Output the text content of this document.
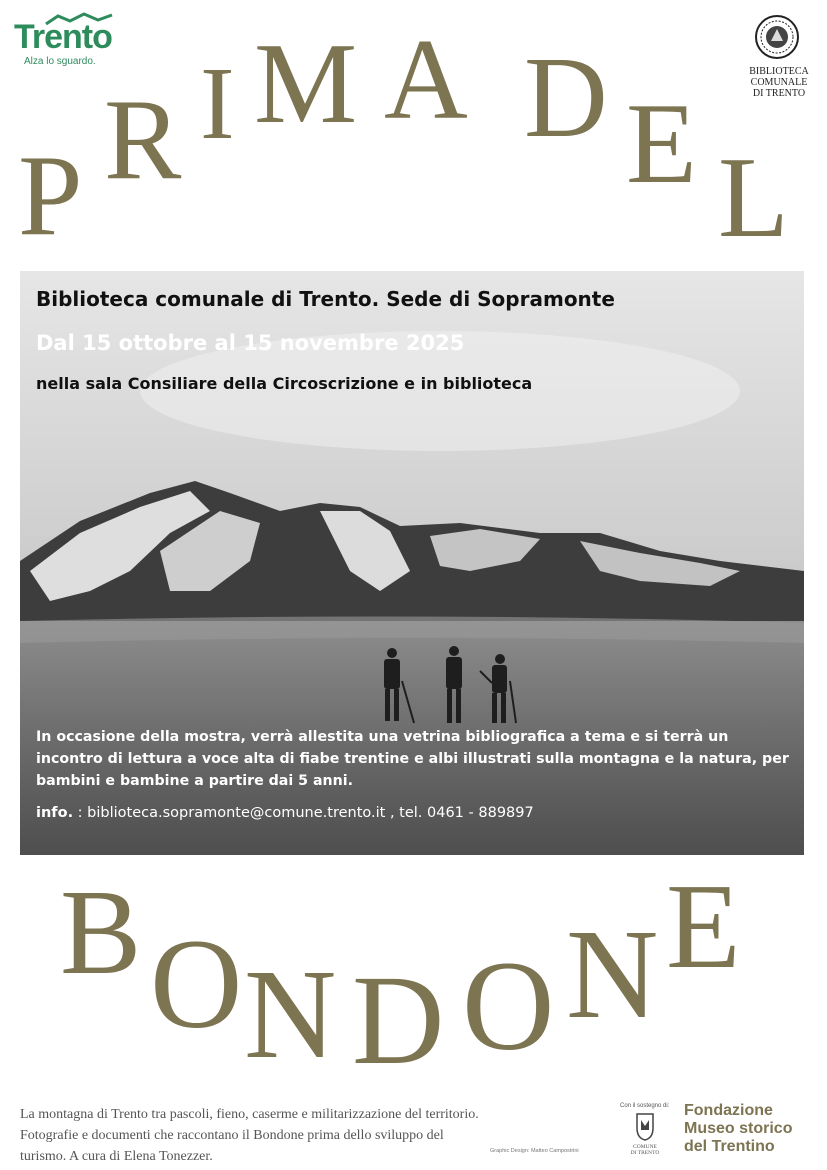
Trento
Alza lo sguardo.
BIBLIOTECA
COMUNALE
DI TRENTO
P R I M A D E L
Biblioteca comunale di Trento. Sede di Sopramonte
Dal 15 ottobre al 15 novembre 2025
nella sala Consiliare della Circoscrizione e in biblioteca
In occasione della mostra, verrà allestita una vetrina bibliografica a tema e si terrà un incontro di lettura a voce alta di fiabe trentine e albi illustrati sulla montagna e la natura, per bambini e bambine a partire dai 5 anni.
info. : biblioteca.sopramonte@comune.trento.it , tel. 0461 - 889897
B O N D O N E
La montagna di Trento tra pascoli, fieno, caserme e militarizzazione del territorio. Fotografie e documenti che raccontano il Bondone prima dello sviluppo del turismo. A cura di Elena Tonezzer.	Graphic Design: Matteo Campostrini
Con il sostegno di:
COMUNE
DI TRENTO
Fondazione
Museo storico
del Trentino
